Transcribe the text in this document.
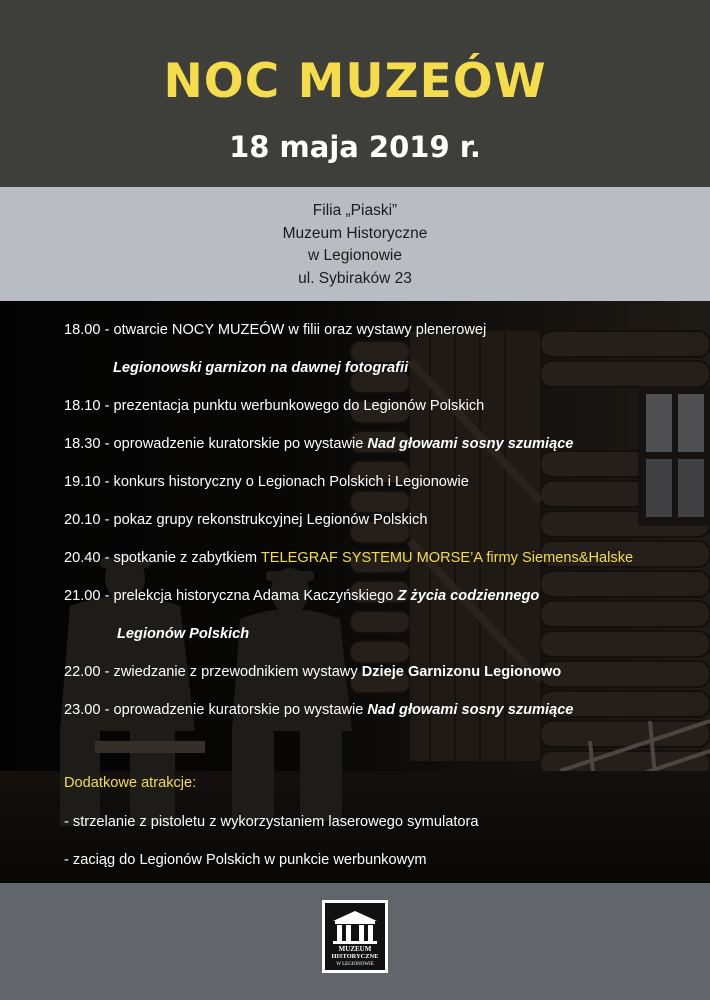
NOC MUZEÓW
18 maja 2019 r.
Filia „Piaski”
Muzeum Historyczne
w Legionowie
ul. Sybiraków 23
18.00 - otwarcie NOCY MUZEÓW w filii oraz wystawy plenerowej
Legionowski garnizon na dawnej fotografii
18.10 - prezentacja punktu werbunkowego do Legionów Polskich
18.30 - oprowadzenie kuratorskie po wystawie Nad głowami sosny szumiące
19.10 - konkurs historyczny o Legionach Polskich i Legionowie
20.10 - pokaz grupy rekonstrukcyjnej Legionów Polskich
20.40 - spotkanie z zabytkiem TELEGRAF SYSTEMU MORSE’A firmy Siemens&Halske
21.00 - prelekcja historyczna Adama Kaczyńskiego Z życia codziennego
Legionów Polskich
22.00 - zwiedzanie z przewodnikiem wystawy Dzieje Garnizonu Legionowo
23.00 - oprowadzenie kuratorskie po wystawie Nad głowami sosny szumiące
Dodatkowe atrakcje:
- strzelanie z pistoletu z wykorzystaniem laserowego symulatora
- zaciąg do Legionów Polskich w punkcie werbunkowym
MUZEUM
HISTORYCZNE
W LEGIONOWIE
